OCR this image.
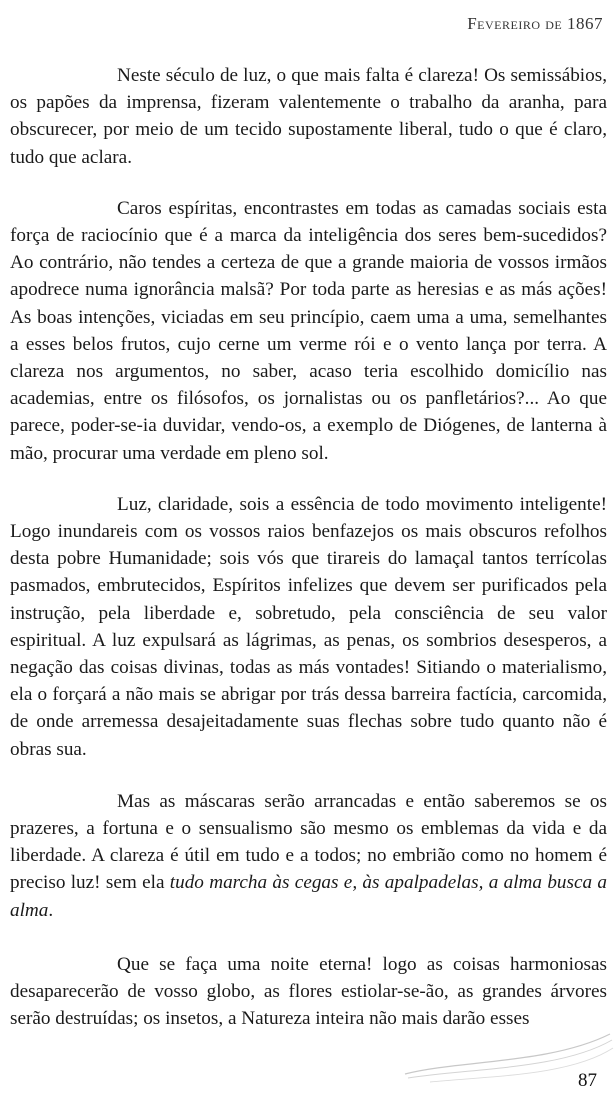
Fevereiro de 1867

Neste século de luz, o que mais falta é clareza! Os semissábios, os papões da imprensa, fizeram valentemente o trabalho da aranha, para obscurecer, por meio de um tecido supostamente liberal, tudo o que é claro, tudo que aclara.

Caros espíritas, encontrastes em todas as camadas sociais esta força de raciocínio que é a marca da inteligência dos seres bem-sucedidos? Ao contrário, não tendes a certeza de que a grande maioria de vossos irmãos apodrece numa ignorância malsã? Por toda parte as heresias e as más ações! As boas intenções, viciadas em seu princípio, caem uma a uma, semelhantes a esses belos frutos, cujo cerne um verme rói e o vento lança por terra. A clareza nos argumentos, no saber, acaso teria escolhido domicílio nas academias, entre os filósofos, os jornalistas ou os panfletários?... Ao que parece, poder-se-ia duvidar, vendo-os, a exemplo de Diógenes, de lanterna à mão, procurar uma verdade em pleno sol.

Luz, claridade, sois a essência de todo movimento inteligente! Logo inundareis com os vossos raios benfazejos os mais obscuros refolhos desta pobre Humanidade; sois vós que tirareis do lamaçal tantos terrícolas pasmados, embrutecidos, Espíritos infelizes que devem ser purificados pela instrução, pela liberdade e, sobretudo, pela consciência de seu valor espiritual. A luz expulsará as lágrimas, as penas, os sombrios desesperos, a negação das coisas divinas, todas as más vontades! Sitiando o materialismo, ela o forçará a não mais se abrigar por trás dessa barreira factícia, carcomida, de onde arremessa desajeitadamente suas flechas sobre tudo quanto não é obras sua.

Mas as máscaras serão arrancadas e então saberemos se os prazeres, a fortuna e o sensualismo são mesmo os emblemas da vida e da liberdade. A clareza é útil em tudo e a todos; no embrião como no homem é preciso luz! sem ela tudo marcha às cegas e, às apalpadelas, a alma busca a alma.

Que se faça uma noite eterna! logo as coisas harmoniosas desaparecerão de vosso globo, as flores estiolar-se-ão, as grandes árvores serão destruídas; os insetos, a Natureza inteira não mais darão esses

87
